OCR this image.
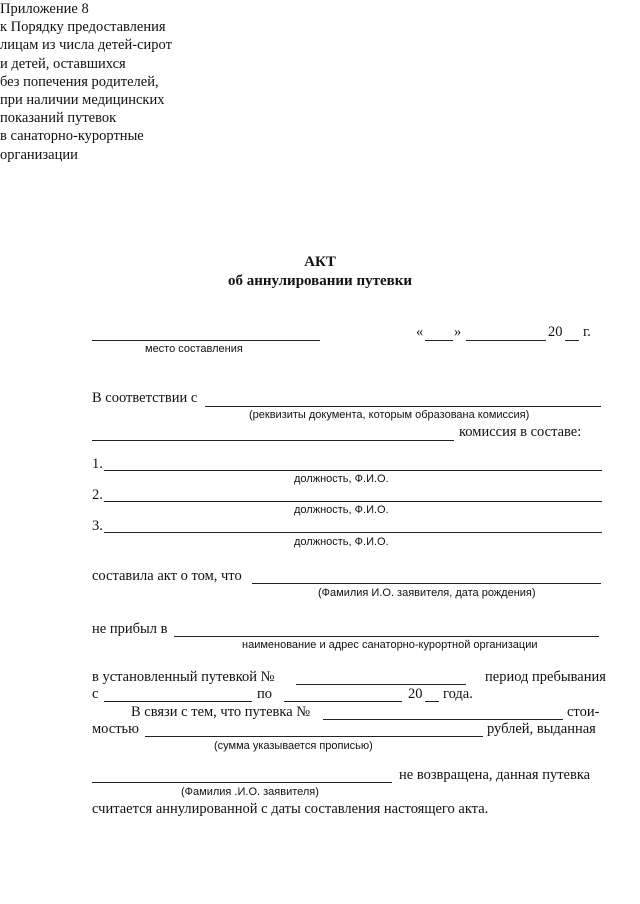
Приложение 8
к Порядку предоставления
лицам из числа детей-сирот
и детей, оставшихся
без попечения родителей,
при наличии медицинских
показаний путевок
в санаторно-курортные
организации
АКТ
об аннулировании путевки
место составления
« »	20 г.
В соответствии с
(реквизиты документа, которым образована комиссия)
комиссия в составе:
1.
должность, Ф.И.О.
2.
должность, Ф.И.О.
3.
должность, Ф.И.О.
составила акт о том, что
(Фамилия И.О. заявителя, дата рождения)
не прибыл в
наименование и адрес санаторно-курортной организации
в установленный путевкой №	период пребывания
с	по	20 года.
В связи с тем, что путевка №	стои-
мостью	рублей, выданная
(сумма указывается прописью)
не возвращена, данная путевка
(Фамилия .И.О. заявителя)
считается аннулированной с даты составления настоящего акта.
